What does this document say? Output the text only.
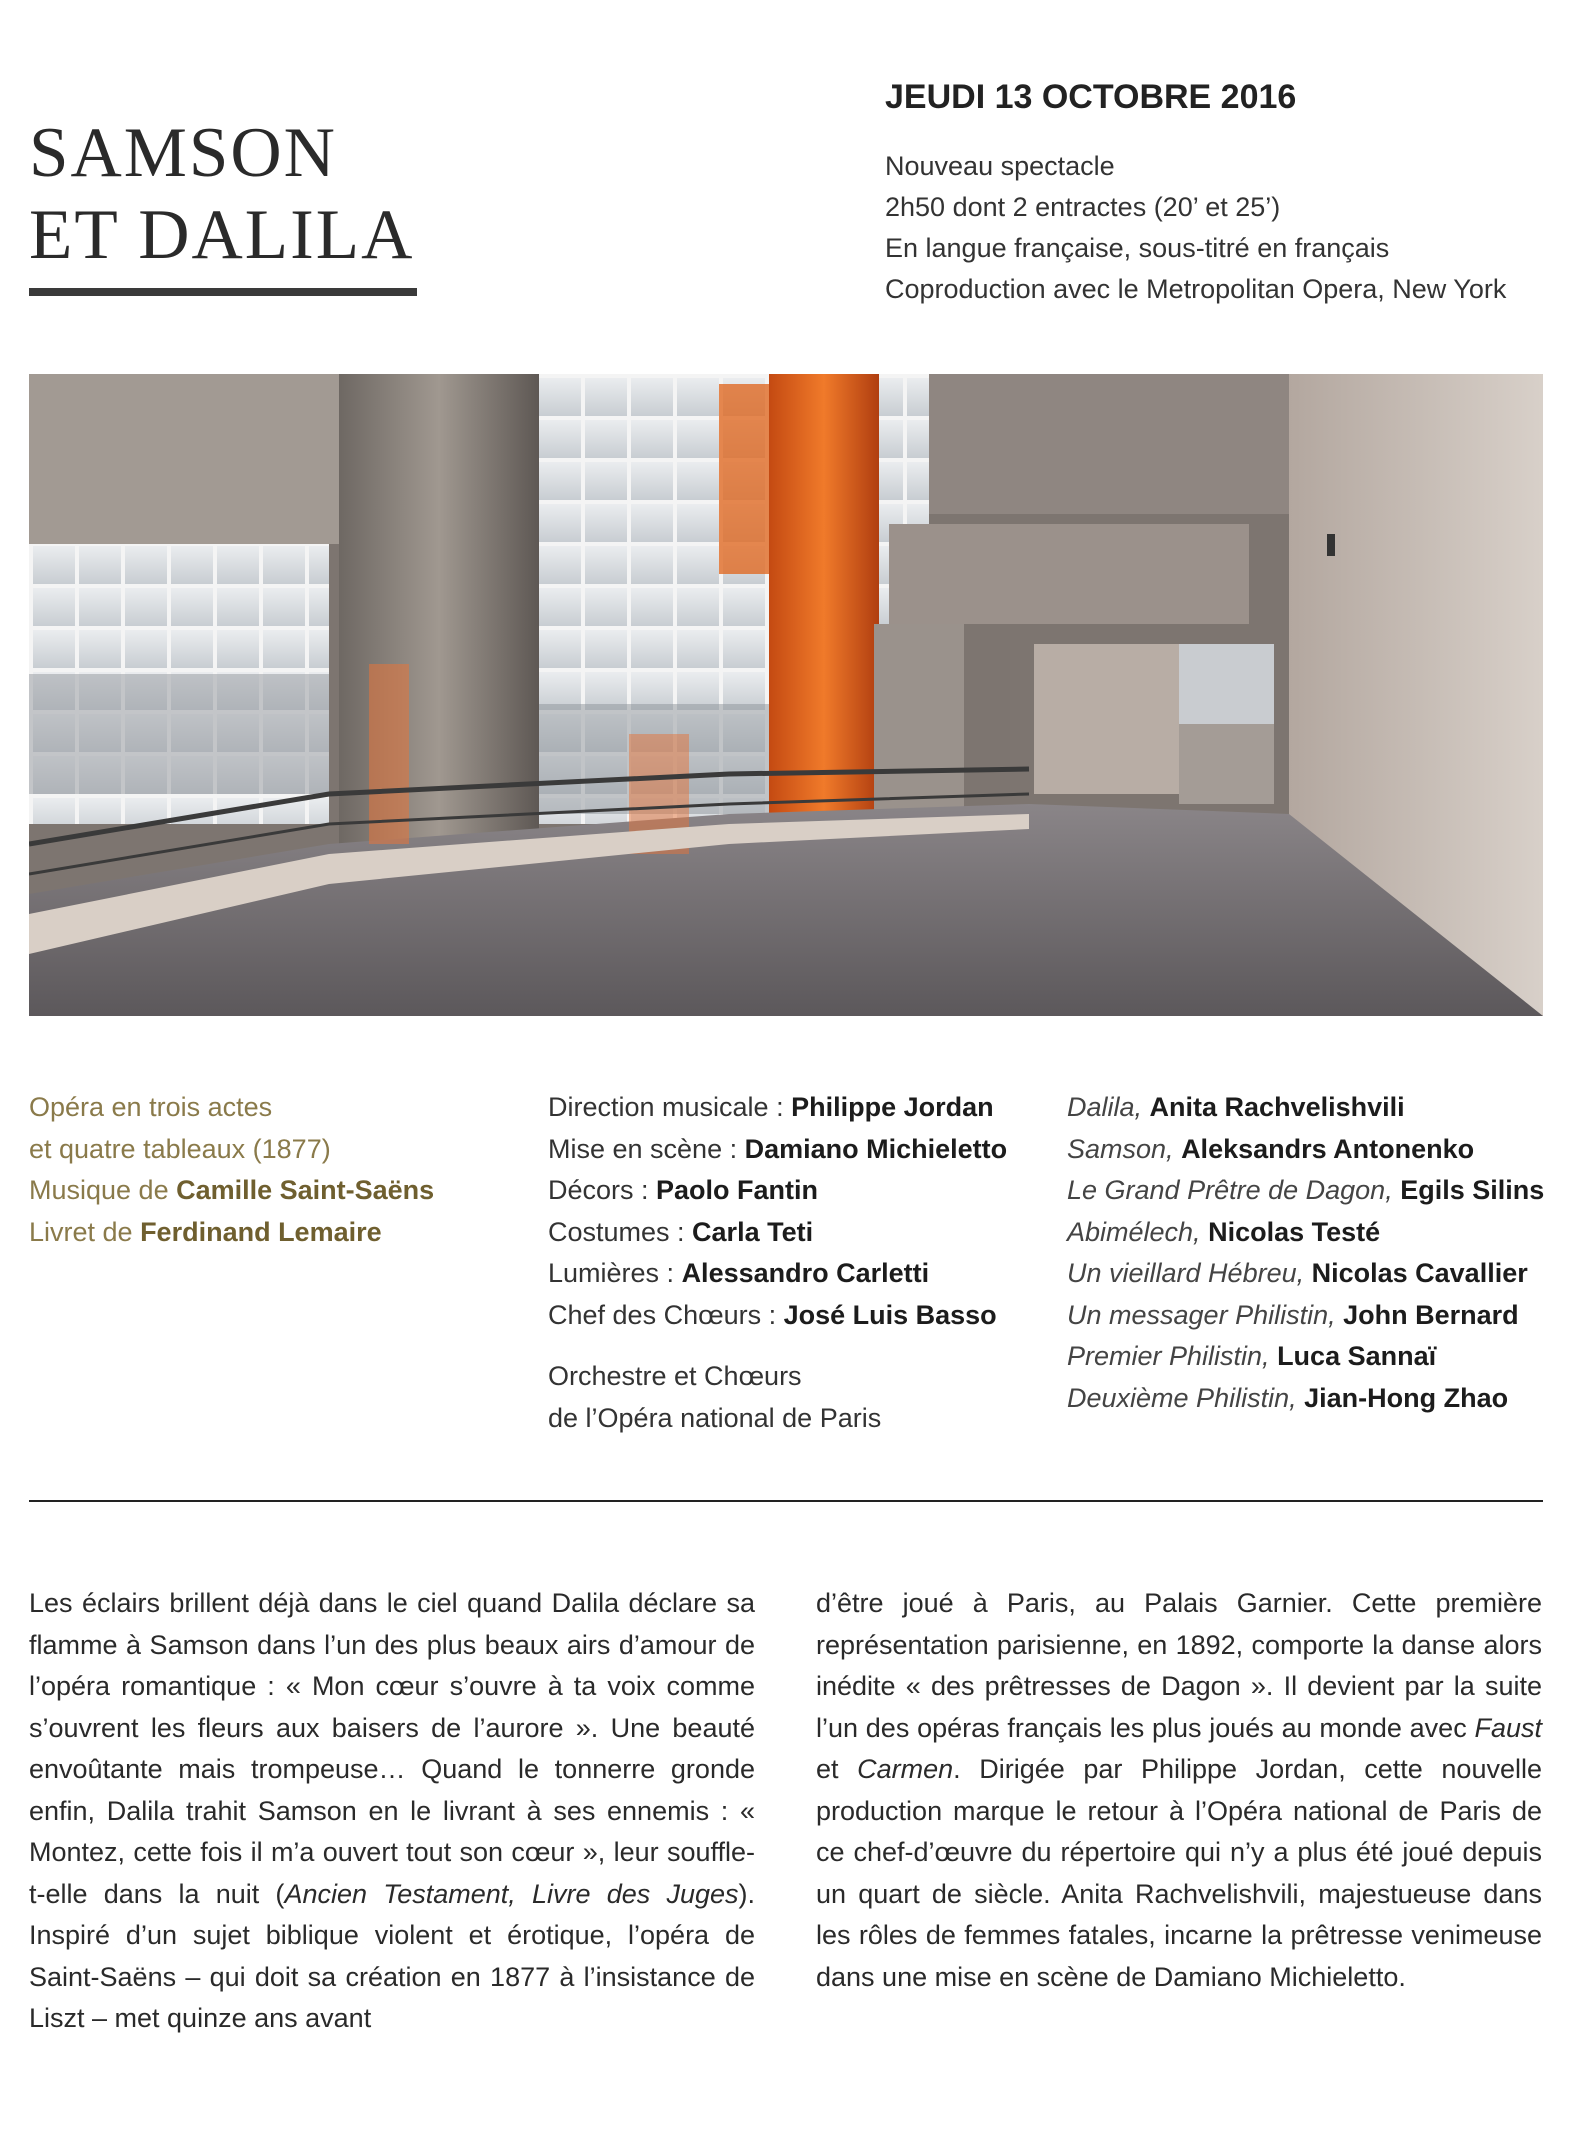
SAMSON
ET DALILA
JEUDI 13 OCTOBRE 2016
Nouveau spectacle
2h50 dont 2 entractes (20’ et 25’)
En langue française, sous-titré en français
Coproduction avec le Metropolitan Opera, New York
Opéra en trois actes
et quatre tableaux (1877)
Musique de Camille Saint-Saëns
Livret de Ferdinand Lemaire
Direction musicale : Philippe Jordan
Mise en scène : Damiano Michieletto
Décors : Paolo Fantin
Costumes : Carla Teti
Lumières : Alessandro Carletti
Chef des Chœurs : José Luis Basso
Orchestre et Chœurs
de l’Opéra national de Paris
Dalila, Anita Rachvelishvili
Samson, Aleksandrs Antonenko
Le Grand Prêtre de Dagon, Egils Silins
Abimélech, Nicolas Testé
Un vieillard Hébreu, Nicolas Cavallier
Un messager Philistin, John Bernard
Premier Philistin, Luca Sannaï
Deuxième Philistin, Jian-Hong Zhao

Les éclairs brillent déjà dans le ciel quand Dalila déclare sa flamme à Samson dans l’un des plus beaux airs d’amour de l’opéra romantique : « Mon cœur s’ouvre à ta voix comme s’ouvrent les fleurs aux baisers de l’aurore ». Une beauté envoûtante mais trompeuse… Quand le tonnerre gronde enfin, Dalila trahit Samson en le livrant à ses ennemis : « Montez, cette fois il m’a ouvert tout son cœur », leur souffle-t-elle dans la nuit (Ancien Testament, Livre des Juges). Inspiré d’un sujet biblique violent et érotique, l’opéra de Saint-Saëns – qui doit sa création en 1877 à l’insistance de Liszt – met quinze ans avant

d’être joué à Paris, au Palais Garnier. Cette première représentation parisienne, en 1892, comporte la danse alors inédite « des prêtresses de Dagon ». Il devient par la suite l’un des opéras français les plus joués au monde avec Faust et Carmen. Dirigée par Philippe Jordan, cette nouvelle production marque le retour à l’Opéra national de Paris de ce chef-d’œuvre du répertoire qui n’y a plus été joué depuis un quart de siècle. Anita Rachvelishvili, majestueuse dans les rôles de femmes fatales, incarne la prêtresse venimeuse dans une mise en scène de Damiano Michieletto.
